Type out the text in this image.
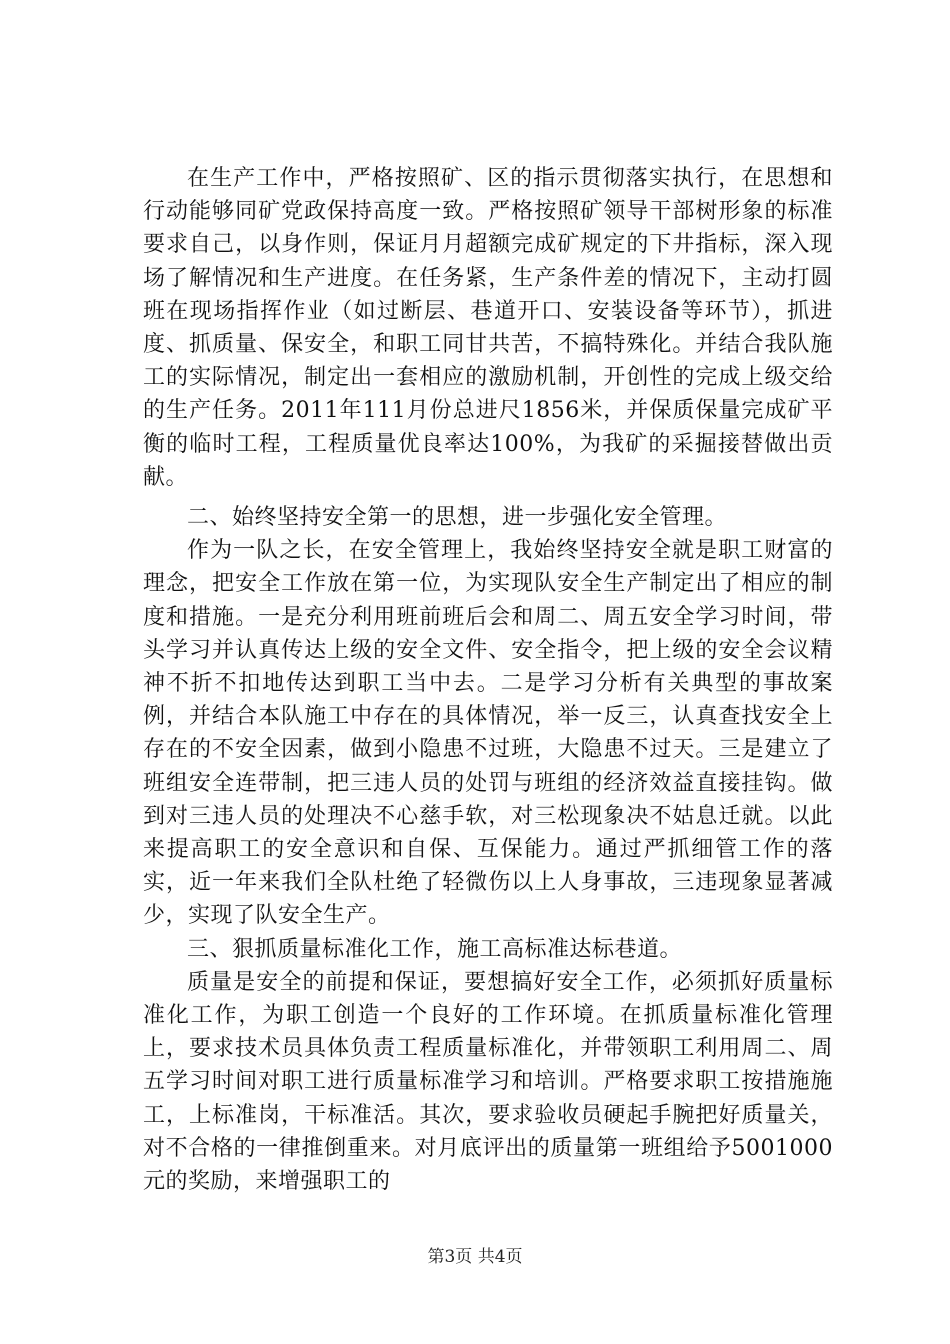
在生产工作中，严格按照矿、区的指示贯彻落实执行，在思想和行动能够同矿党政保持高度一致。严格按照矿领导干部树形象的标准要求自己，以身作则，保证月月超额完成矿规定的下井指标，深入现场了解情况和生产进度。在任务紧，生产条件差的情况下，主动打圆班在现场指挥作业（如过断层、巷道开口、安装设备等环节），抓进度、抓质量、保安全，和职工同甘共苦，不搞特殊化。并结合我队施工的实际情况，制定出一套相应的激励机制，开创性的完成上级交给的生产任务。2011年111月份总进尺1856米，并保质保量完成矿平衡的临时工程，工程质量优良率达100%，为我矿的采掘接替做出贡献。

二、始终坚持安全第一的思想，进一步强化安全管理。

作为一队之长，在安全管理上，我始终坚持安全就是职工财富的理念，把安全工作放在第一位，为实现队安全生产制定出了相应的制度和措施。一是充分利用班前班后会和周二、周五安全学习时间，带头学习并认真传达上级的安全文件、安全指令，把上级的安全会议精神不折不扣地传达到职工当中去。二是学习分析有关典型的事故案例，并结合本队施工中存在的具体情况，举一反三，认真查找安全上存在的不安全因素，做到小隐患不过班，大隐患不过天。三是建立了班组安全连带制，把三违人员的处罚与班组的经济效益直接挂钩。做到对三违人员的处理决不心慈手软，对三松现象决不姑息迁就。以此来提高职工的安全意识和自保、互保能力。通过严抓细管工作的落实，近一年来我们全队杜绝了轻微伤以上人身事故，三违现象显著减少，实现了队安全生产。

三、狠抓质量标准化工作，施工高标准达标巷道。

质量是安全的前提和保证，要想搞好安全工作，必须抓好质量标准化工作，为职工创造一个良好的工作环境。在抓质量标准化管理上，要求技术员具体负责工程质量标准化，并带领职工利用周二、周五学习时间对职工进行质量标准学习和培训。严格要求职工按措施施工，上标准岗，干标准活。其次，要求验收员硬起手腕把好质量关，对不合格的一律推倒重来。对月底评出的质量第一班组给予5001000元的奖励，来增强职工的

第3页 共4页
